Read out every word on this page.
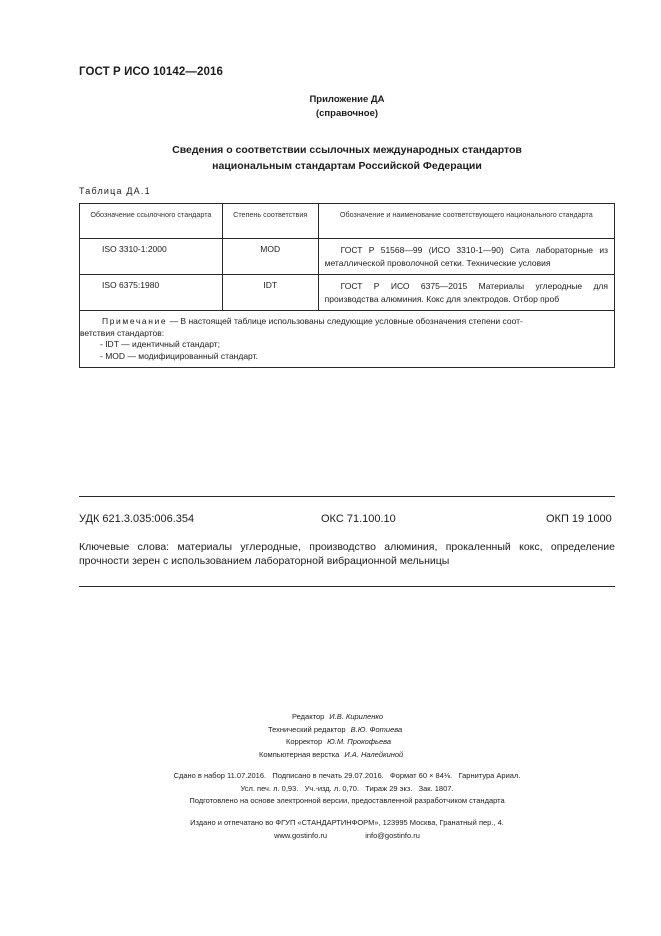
ГОСТ Р ИСО 10142—2016
Приложение ДА
(справочное)
Сведения о соответствии ссылочных международных стандартов
национальным стандартам Российской Федерации
Таблица ДА.1
Обозначение ссылочного стандарта	Степень соответствия	Обозначение и наименование соответствующего национального стандарта
ISO 3310-1:2000	MOD	ГОСТ Р 51568—99 (ИСО 3310-1—90) Сита лабораторные из металлической проволочной сетки. Технические условия
ISO 6375:1980	IDT	ГОСТ Р ИСО 6375—2015 Материалы углеродные для производства алюминия. Кокс для электродов. Отбор проб

Примечание — В настоящей таблице использованы следующие условные обозначения степени соот-
ветствия стандартов:
- IDT — идентичный стандарт;
- MOD — модифицированный стандарт.		
УДК 621.3.035:006.354	ОКС 71.100.10	ОКП 19 1000
Ключевые слова: материалы углеродные, производство алюминия, прокаленный кокс, определение прочности зерен с использованием лабораторной вибрационной мельницы
Редактор И.В. Кириленко
Технический редактор В.Ю. Фотиева
Корректор Ю.М. Прокофьева
Компьютерная верстка И.А. Налейкиной
Сдано в набор 11.07.2016.   Подписано в печать 29.07.2016.   Формат 60 × 84⅛.   Гарнитура Ариал.
Усл. печ. л. 0,93.   Уч.-изд. л. 0,70.   Тираж 29 экз.   Зак. 1807.
Подготовлено на основе электронной версии, предоставленной разработчиком стандарта
Издано и отпечатано во ФГУП «СТАНДАРТИНФОРМ», 123995 Москва, Гранатный пер., 4.
www.gostinfo.ru	info@gostinfo.ru
